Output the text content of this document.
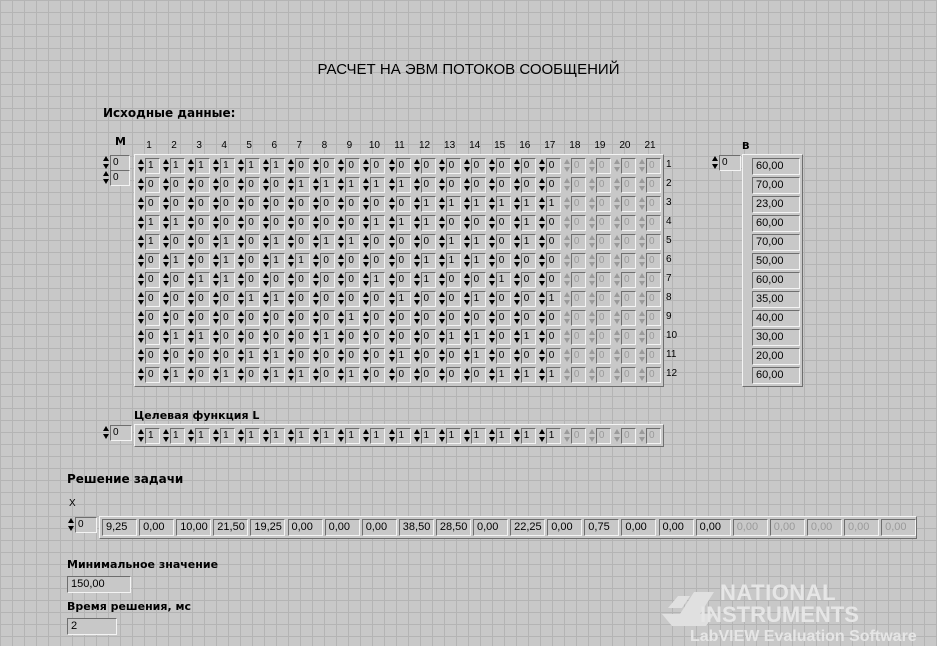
РАСЧЕТ НА ЭВМ ПОТОКОВ СООБЩЕНИЙ
Исходные данные:
М
0
0
1	2	3	4	5	6	7	8	9	10	11	12	13	14	15	16	17	18	19	20	21
1
2
3
4
5
6
7
8
9
10
11
12
1	1	1	1	1	1	0	0	0	0	0	0	0	0	0	0	0	0	0	0	0
0	0	0	0	0	0	1	1	1	1	1	0	0	0	0	0	0	0	0	0	0
0	0	0	0	0	0	0	0	0	0	0	1	1	1	1	1	1	0	0	0	0
1	1	0	0	0	0	0	0	0	1	1	1	0	0	0	1	0	0	0	0	0
1	0	0	1	0	1	0	1	1	0	0	0	1	1	0	1	0	0	0	0	0
0	1	0	1	0	1	1	0	0	0	0	1	1	1	0	0	0	0	0	0	0
0	0	1	1	0	0	0	0	0	1	0	1	0	0	1	0	0	0	0	0	0
0	0	0	0	1	1	0	0	0	0	1	0	0	1	0	0	1	0	0	0	0
0	0	0	0	0	0	0	0	1	0	0	0	0	0	0	0	0	0	0	0	0
0	1	1	0	0	0	0	1	0	0	0	0	1	1	0	1	0	0	0	0	0
0	0	0	0	1	1	0	0	0	0	1	0	0	1	0	0	0	0	0	0	0
0	1	0	1	0	1	1	0	1	0	0	0	0	0	1	1	1	0	0	0	0
B
0	60,00
70,00
23,00
60,00
70,00
50,00
60,00
35,00
40,00
30,00
20,00
60,00
Целевая функция L
0	1	1	1	1	1	1	1	1	1	1	1	1	1	1	1	1	1	0	0	0	0
Решение задачи
X
0	9,25	0,00	10,00 21,50 19,25 0,00	0,00	0,00	38,50 28,50 0,00	22,25 0,00	0,75	0,00	0,00	0,00	0,00	0,00	0,00	0,00	0,00
Минимальное значение
150,00
Время решения, мс
2
NATIONAL
INSTRUMENTS
LabVIEW Evaluation Software
